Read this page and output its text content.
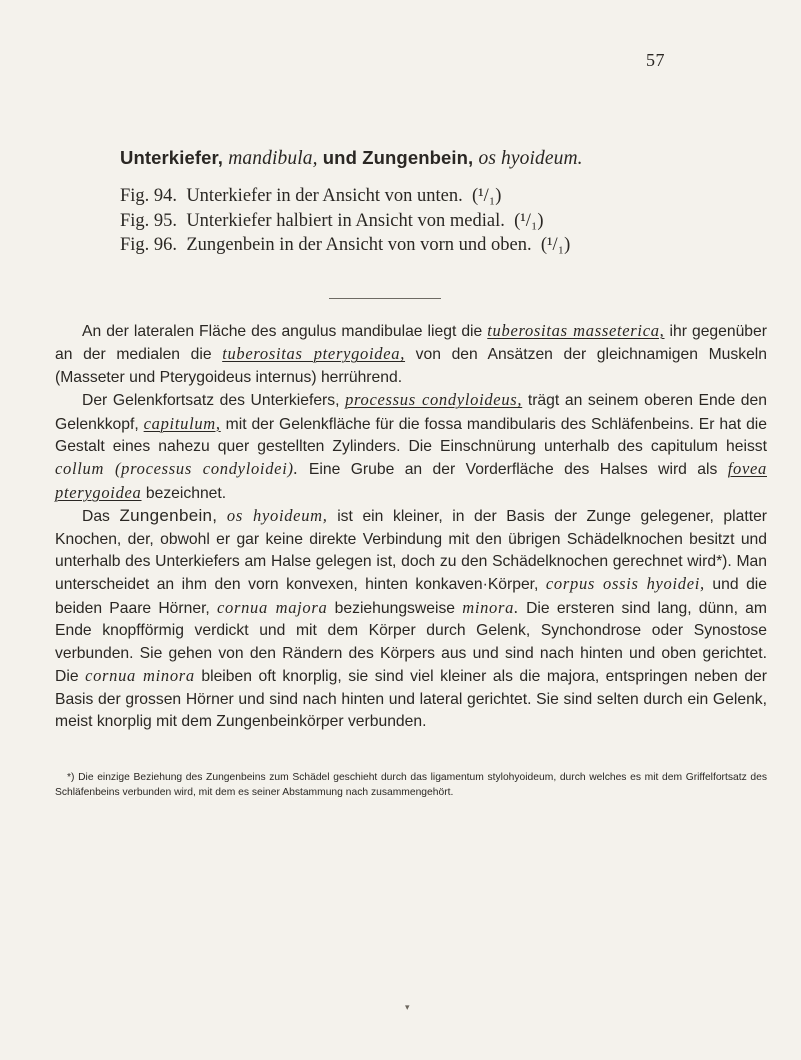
57
Unterkiefer, mandibula, und Zungenbein, os hyoideum.
Fig. 94. Unterkiefer in der Ansicht von unten. (¹/₁)
Fig. 95. Unterkiefer halbiert in Ansicht von medial. (¹/₁)
Fig. 96. Zungenbein in der Ansicht von vorn und oben. (¹/₁)

An der lateralen Fläche des angulus mandibulae liegt die tuberositas masseterica, ihr gegenüber an der medialen die tuberositas pterygoidea, von den Ansätzen der gleichnamigen Muskeln (Masseter und Pterygoideus internus) herrührend.

Der Gelenkfortsatz des Unterkiefers, processus condyloideus, trägt an seinem oberen Ende den Gelenkkopf, capitulum, mit der Gelenkfläche für die fossa mandibularis des Schläfenbeins. Er hat die Gestalt eines nahezu quer gestellten Zylinders. Die Einschnürung unterhalb des capitulum heisst collum (processus condyloidei). Eine Grube an der Vorderfläche des Halses wird als fovea pterygoidea bezeichnet.

Das Zungenbein, os hyoideum, ist ein kleiner, in der Basis der Zunge gelegener, platter Knochen, der, obwohl er gar keine direkte Verbindung mit den übrigen Schädelknochen besitzt und unterhalb des Unterkiefers am Halse gelegen ist, doch zu den Schädelknochen gerechnet wird*). Man unterscheidet an ihm den vorn konvexen, hinten konkaven·Körper, corpus ossis hyoidei, und die beiden Paare Hörner, cornua majora beziehungsweise minora. Die ersteren sind lang, dünn, am Ende knopfförmig verdickt und mit dem Körper durch Gelenk, Synchondrose oder Synostose verbunden. Sie gehen von den Rändern des Körpers aus und sind nach hinten und oben gerichtet. Die cornua minora bleiben oft knorplig, sie sind viel kleiner als die majora, entspringen neben der Basis der grossen Hörner und sind nach hinten und lateral gerichtet. Sie sind selten durch ein Gelenk, meist knorplig mit dem Zungenbeinkörper verbunden.

*) Die einzige Beziehung des Zungenbeins zum Schädel geschieht durch das ligamentum stylohyoideum, durch welches es mit dem Griffelfortsatz des Schläfenbeins verbunden wird, mit dem es seiner Abstammung nach zusammengehört.
▾
